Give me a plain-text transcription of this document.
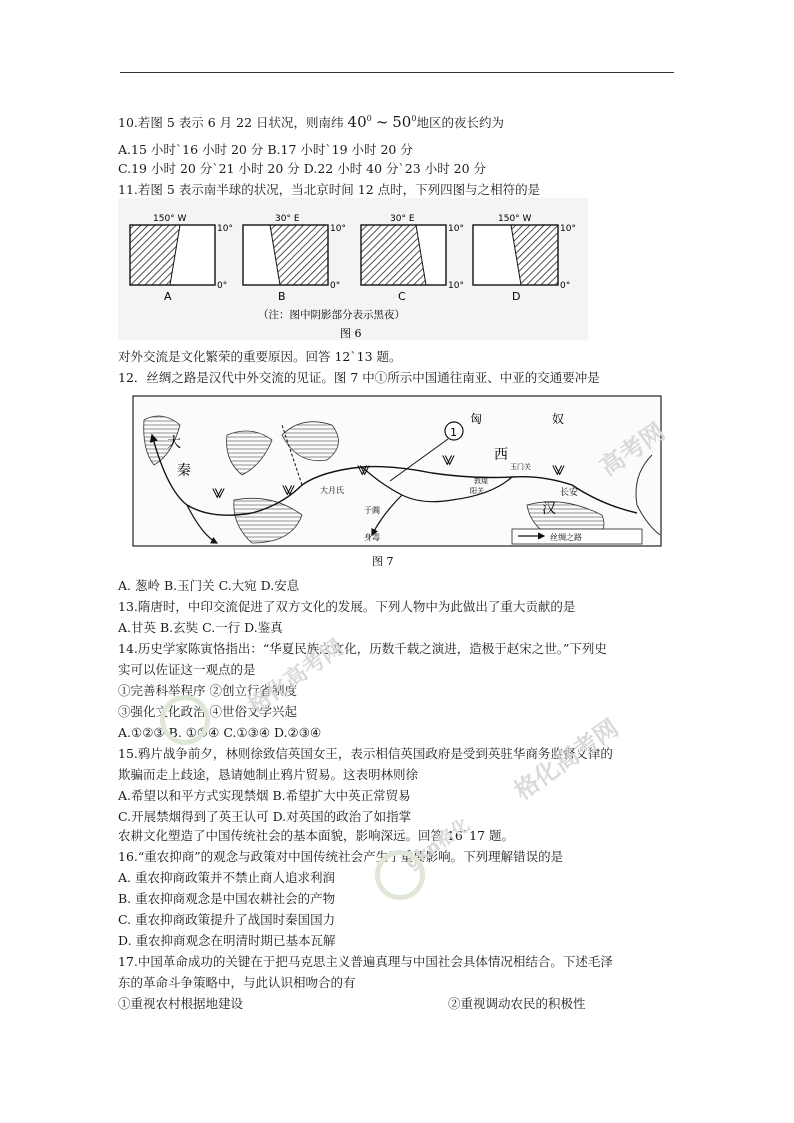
10.若图 5 表示 6 月 22 日状况，则南纬 $40^0$ ~ $50^0$地区的夜长约为
A.15 小时`16 小时 20 分 B.17 小时`19 小时 20 分
C.19 小时 20 分`21 小时 20 分 D.22 小时 40 分`23 小时 20 分
11.若图 5 表示南半球的状况，当北京时间 12 点时，下列四图与之相符的是
150° W
10°
0°
A
30° E
10°
0°
B
30° E
10°
10°
C
150° W
10°
0°
D
（注：图中阴影部分表示黑夜）
图 6
对外交流是文化繁荣的重要原因。回答 12`13 题。
12．丝绸之路是汉代中外交流的见证。图 7 中①所示中国通往南亚、中亚的交通要冲是
1
⨈	⨈
⨈
⨈
⨈
匈	奴
大
秦
西
汉
长安
大月氏
于阗
身毒
敦煌
阳关
玉门关
丝绸之路
图 7
A. 葱岭 B.玉门关 C.大宛 D.安息
13.隋唐时，中印交流促进了双方文化的发展。下列人物中为此做出了重大贡献的是
A.甘英 B.玄奘 C.一行 D.鉴真
14.历史学家陈寅恪指出：“华夏民族之文化，历数千载之演进，造极于赵宋之世。”下列史
实可以佐证这一观点的是
①完善科举程序 ②创立行省制度
③强化文化政治 ④世俗文学兴起
A.①②③ B. ①②④ C.①③④ D.②③④
15.鸦片战争前夕，林则徐致信英国女王，表示相信英国政府是受到英驻华商务监督义律的
欺骗而走上歧途，恳请她制止鸦片贸易。这表明林则徐
A.希望以和平方式实现禁烟 B.希望扩大中英正常贸易
C.开展禁烟得到了英王认可 D.对英国的政治了如指掌
农耕文化塑造了中国传统社会的基本面貌，影响深远。回答 16`17 题。
16.“重农抑商”的观念与政策对中国传统社会产生了重要影响。下列理解错误的是
A. 重农抑商政策并不禁止商人追求利润
B. 重农抑商观念是中国农耕社会的产物
C. 重农抑商政策提升了战国时秦国国力
D. 重农抑商观念在明清时期已基本瓦解
17.中国革命成功的关键在于把马克思主义普遍真理与中国社会具体情况相结合。下述毛泽
东的革命斗争策略中，与此认识相吻合的有
①重视农村根据地建设	②重视调动农民的积极性
高考网
格化高考网
格化高考网
gkn格化
